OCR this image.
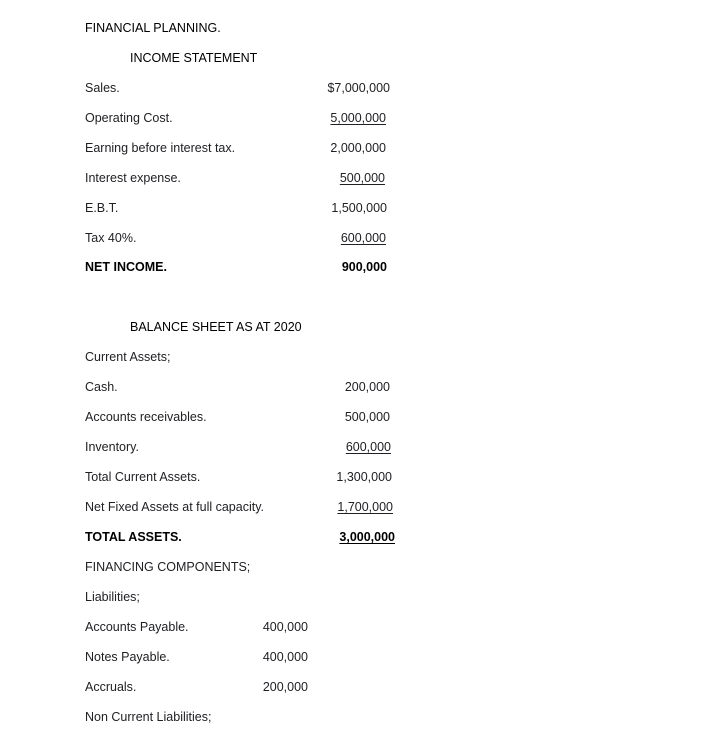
FINANCIAL PLANNING.
INCOME STATEMENT
Sales.	$7,000,000
Operating Cost.	5,000,000
Earning before interest tax.	2,000,000
Interest expense.	500,000
E.B.T.	1,500,000
Tax 40%.	600,000
NET INCOME.	900,000
BALANCE SHEET AS AT 2020
Current Assets;
Cash.	200,000
Accounts receivables.	500,000
Inventory.	600,000
Total Current Assets.	1,300,000
Net Fixed Assets at full capacity.	1,700,000
TOTAL ASSETS.	3,000,000
FINANCING COMPONENTS;
Liabilities;
Accounts Payable.	400,000
Notes Payable.	400,000
Accruals.	200,000
Non Current Liabilities;
